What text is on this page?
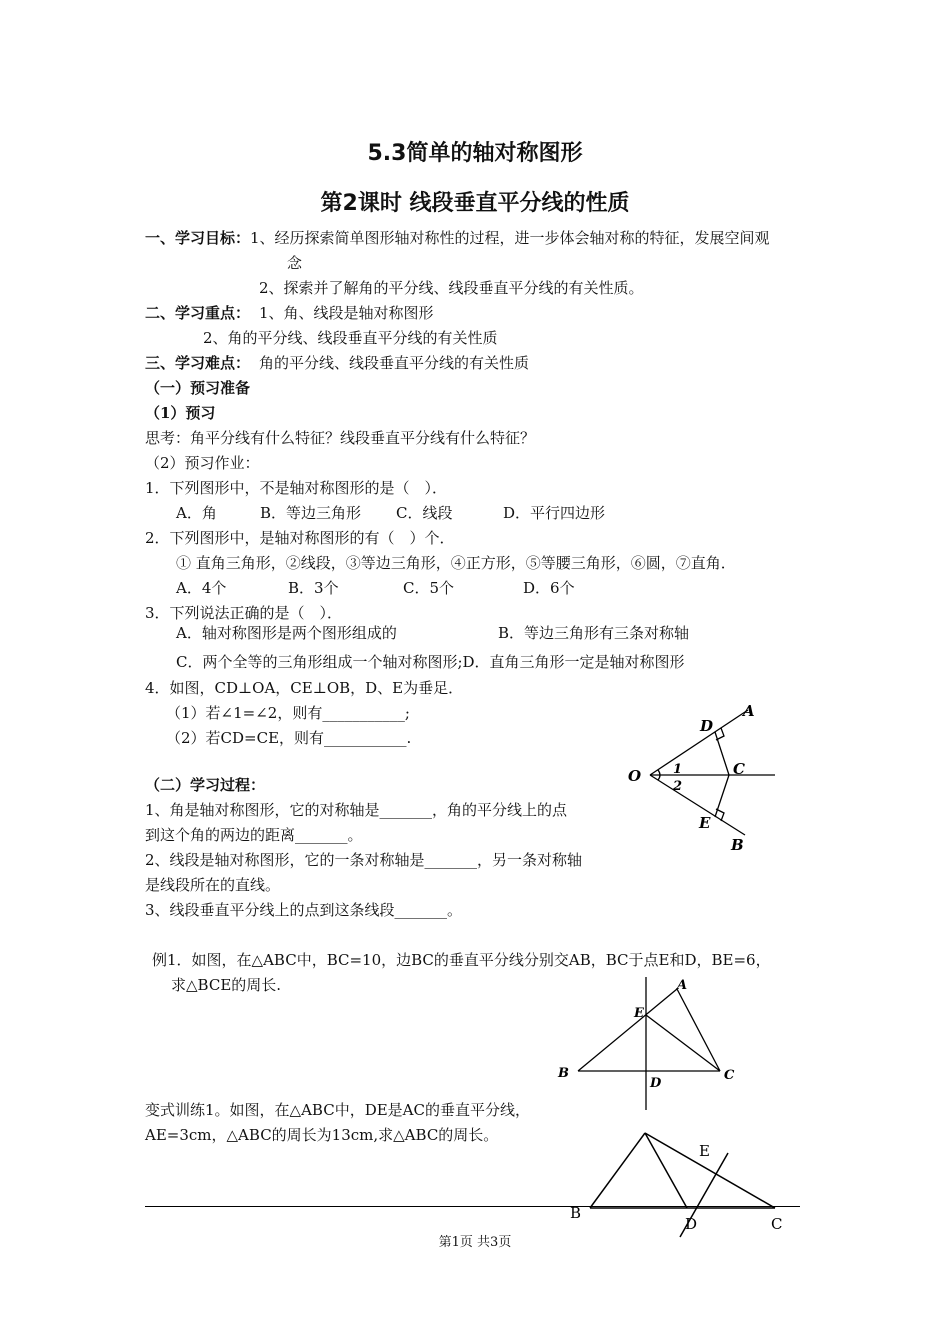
5.3简单的轴对称图形
第2课时 线段垂直平分线的性质
一、学习目标： 1、经历探索简单图形轴对称性的过程，进一步体会轴对称的特征，发展空间观
念
2、探索并了解角的平分线、线段垂直平分线的有关性质。
二、学习重点： 1、角、线段是轴对称图形
2、角的平分线、线段垂直平分线的有关性质
三、学习难点： 角的平分线、线段垂直平分线的有关性质
（一）预习准备
（1）预习
思考：角平分线有什么特征？线段垂直平分线有什么特征？
（2）预习作业：
1．下列图形中，不是轴对称图形的是（　）．
A．角	B．等边三角形 C．线段	D．平行四边形
2．下列图形中，是轴对称图形的有（　）个．
① 直角三角形，②线段，③等边三角形，④正方形，⑤等腰三角形，⑥圆，⑦直角．
A．4个	B．3个	C．5个	D．6个
3．下列说法正确的是（　）．
A．轴对称图形是两个图形组成的	B．等边三角形有三条对称轴
C．两个全等的三角形组成一个轴对称图形;D．直角三角形一定是轴对称图形
4．如图，CD⊥OA，CE⊥OB，D、E为垂足．
（1）若∠1=∠2，则有___________;
（2）若CD=CE，则有___________.
（二）学习过程：
1、角是轴对称图形，它的对称轴是_______，角的平分线上的点
到这个角的两边的距离_______。
2、线段是轴对称图形，它的一条对称轴是_______，另一条对称轴
是线段所在的直线。
3、线段垂直平分线上的点到这条线段_______。
例1．如图，在△ABC中，BC=10，边BC的垂直平分线分别交AB，BC于点E和D，BE=6，
求△BCE的周长.
变式训练1。如图，在△ABC中，DE是AC的垂直平分线，
AE=3cm，△ABC的周长为13cm,求△ABC的周长。
D
A
O 1
2
C
E
B
A
E
B
D
C
E
B
D	C
第1页 共3页
